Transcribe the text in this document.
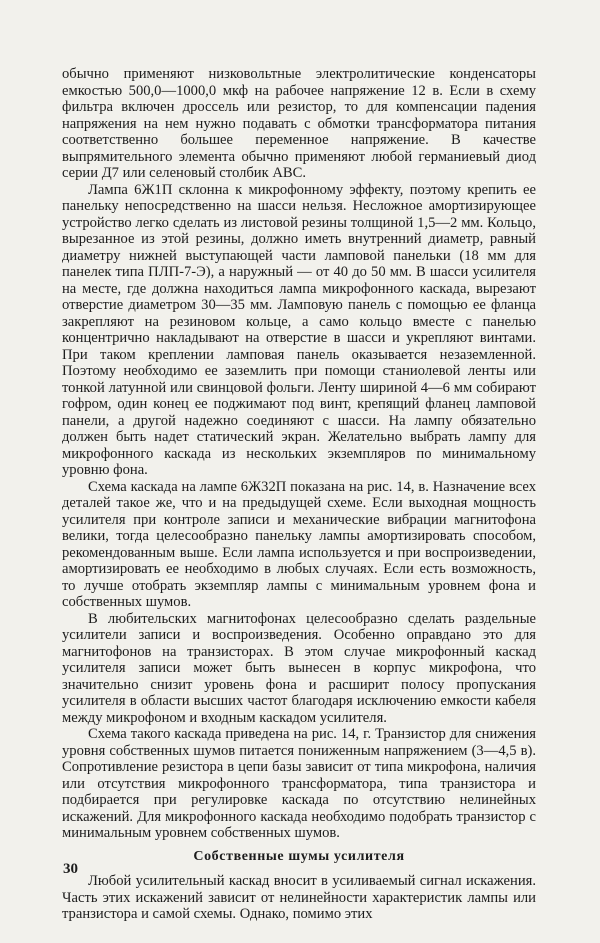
обычно применяют низковольтные электролитические конденсаторы емкостью 500,0—1000,0 мкф на рабочее напряжение 12 в. Если в схему фильтра включен дроссель или резистор, то для компенсации падения напряжения на нем нужно подавать с обмотки трансформатора питания соответственно большее переменное напряжение. В качестве выпрямительного элемента обычно применяют любой германиевый диод серии Д7 или селеновый столбик АВС.

Лампа 6Ж1П склонна к микрофонному эффекту, поэтому крепить ее панельку непосредственно на шасси нельзя. Несложное амортизирующее устройство легко сделать из листовой резины толщиной 1,5—2 мм. Кольцо, вырезанное из этой резины, должно иметь внутренний диаметр, равный диаметру нижней выступающей части ламповой панельки (18 мм для панелек типа ПЛП-7-Э), а наружный — от 40 до 50 мм. В шасси усилителя на месте, где должна находиться лампа микрофонного каскада, вырезают отверстие диаметром 30—35 мм. Ламповую панель с помощью ее фланца закрепляют на резиновом кольце, а само кольцо вместе с панелью концентрично накладывают на отверстие в шасси и укрепляют винтами. При таком креплении ламповая панель оказывается незаземленной. Поэтому необходимо ее заземлить при помощи станиолевой ленты или тонкой латунной или свинцовой фольги. Ленту шириной 4—6 мм собирают гофром, один конец ее поджимают под винт, крепящий фланец ламповой панели, а другой надежно соединяют с шасси. На лампу обязательно должен быть надет статический экран. Желательно выбрать лампу для микрофонного каскада из нескольких экземпляров по минимальному уровню фона.

Схема каскада на лампе 6Ж32П показана на рис. 14, в. Назначение всех деталей такое же, что и на предыдущей схеме. Если выходная мощность усилителя при контроле записи и механические вибрации магнитофона велики, тогда целесообразно панельку лампы амортизировать способом, рекомендованным выше. Если лампа используется и при воспроизведении, амортизировать ее необходимо в любых случаях. Если есть возможность, то лучше отобрать экземпляр лампы с минимальным уровнем фона и собственных шумов.

В любительских магнитофонах целесообразно сделать раздельные усилители записи и воспроизведения. Особенно оправдано это для магнитофонов на транзисторах. В этом случае микрофонный каскад усилителя записи может быть вынесен в корпус микрофона, что значительно снизит уровень фона и расширит полосу пропускания усилителя в области высших частот благодаря исключению емкости кабеля между микрофоном и входным каскадом усилителя.

Схема такого каскада приведена на рис. 14, г. Транзистор для снижения уровня собственных шумов питается пониженным напряжением (3—4,5 в). Сопротивление резистора в цепи базы зависит от типа микрофона, наличия или отсутствия микрофонного трансформатора, типа транзистора и подбирается при регулировке каскада по отсутствию нелинейных искажений. Для микрофонного каскада необходимо подобрать транзистор с минимальным уровнем собственных шумов.

Собственные шумы усилителя

Любой усилительный каскад вносит в усиливаемый сигнал искажения. Часть этих искажений зависит от нелинейности характеристик лампы или транзистора и самой схемы. Однако, помимо этих

30
